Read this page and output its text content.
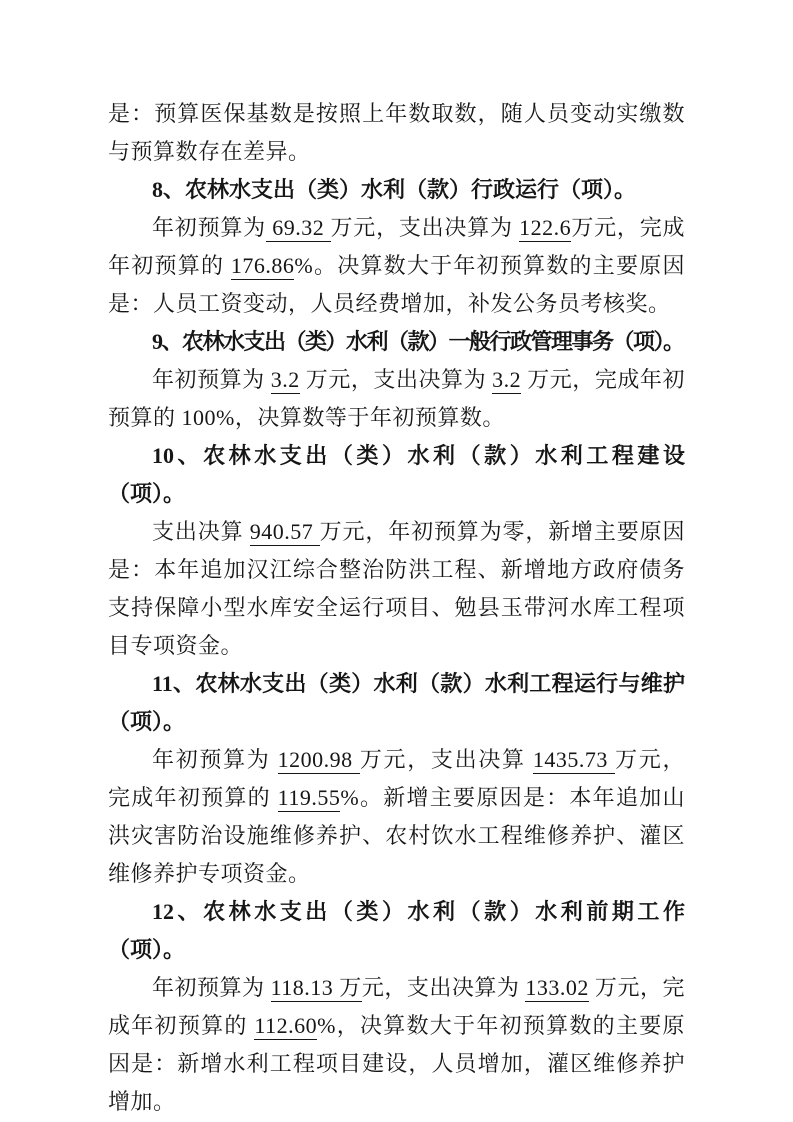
是：预算医保基数是按照上年数取数，随人员变动实缴数与预算数存在差异。

8、农林水支出（类）水利（款）行政运行（项）。

年初预算为 69.32 万元，支出决算为 122.6万元，完成年初预算的 176.86%。决算数大于年初预算数的主要原因是：人员工资变动，人员经费增加，补发公务员考核奖。

9、农林水支出（类）水利（款）一般行政管理事务（项）。

年初预算为 3.2 万元，支出决算为 3.2 万元，完成年初预算的 100%，决算数等于年初预算数。

10、农林水支出（类）水利（款）水利工程建设（项）。

支出决算 940.57 万元，年初预算为零，新增主要原因是：本年追加汉江综合整治防洪工程、新增地方政府债务支持保障小型水库安全运行项目、勉县玉带河水库工程项目专项资金。

11、农林水支出（类）水利（款）水利工程运行与维护（项）。

年初预算为 1200.98 万元，支出决算 1435.73 万元，完成年初预算的 119.55%。新增主要原因是：本年追加山洪灾害防治设施维修养护、农村饮水工程维修养护、灌区维修养护专项资金。

12、农林水支出（类）水利（款）水利前期工作（项）。

年初预算为 118.13 万元，支出决算为 133.02 万元，完成年初预算的 112.60%，决算数大于年初预算数的主要原因是：新增水利工程项目建设，人员增加，灌区维修养护增加。
